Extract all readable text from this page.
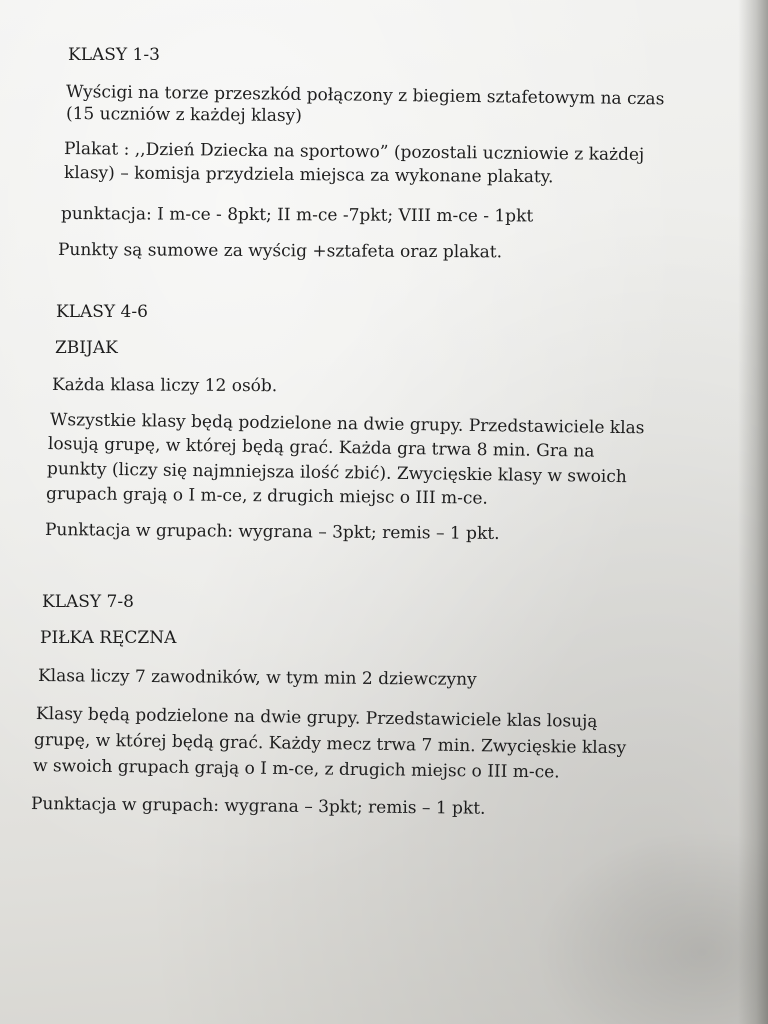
KLASY 1-3

Wyścigi na torze przeszkód połączony z biegiem sztafetowym na czas

(15 uczniów z każdej klasy)

Plakat : ,,Dzień Dziecka na sportowo” (pozostali uczniowie z każdej

klasy) – komisja przydziela miejsca za wykonane plakaty.

punktacja: I m-ce - 8pkt; II m-ce -7pkt; VIII m-ce - 1pkt

Punkty są sumowe za wyścig +sztafeta oraz plakat.

KLASY 4-6

ZBIJAK

Każda klasa liczy 12 osób.

Wszystkie klasy będą podzielone na dwie grupy. Przedstawiciele klas

losują grupę, w której będą grać. Każda gra trwa 8 min. Gra na

punkty (liczy się najmniejsza ilość zbić). Zwycięskie klasy w swoich

grupach grają o I m-ce, z drugich miejsc o III m-ce.

Punktacja w grupach: wygrana – 3pkt; remis – 1 pkt.

KLASY 7-8

PIŁKA RĘCZNA

Klasa liczy 7 zawodników, w tym min 2 dziewczyny

Klasy będą podzielone na dwie grupy. Przedstawiciele klas losują

grupę, w której będą grać. Każdy mecz trwa 7 min. Zwycięskie klasy

w swoich grupach grają o I m-ce, z drugich miejsc o III m-ce.

Punktacja w grupach: wygrana – 3pkt; remis – 1 pkt.
